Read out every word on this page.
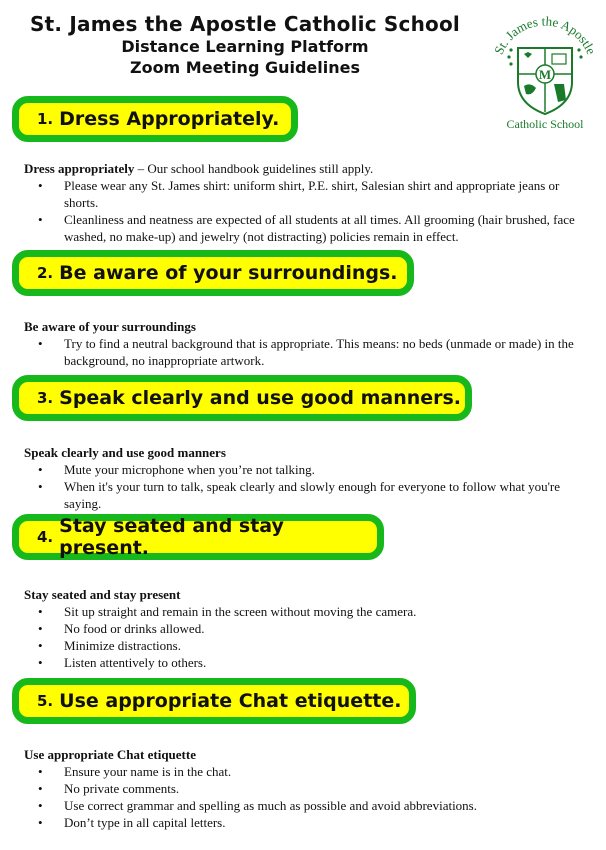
St. James the Apostle Catholic School
Distance Learning Platform
Zoom Meeting Guidelines
St. James the Apostle
M
Catholic School
1. Dress Appropriately.

Dress appropriately – Our school handbook guidelines still apply.

• Please wear any St. James shirt: uniform shirt, P.E. shirt, Salesian shirt and appropriate jeans or shorts.
• Cleanliness and neatness are expected of all students at all times. All grooming (hair brushed, face washed, no make-up) and jewelry (not distracting) policies remain in effect.
2. Be aware of your surroundings.

Be aware of your surroundings

• Try to find a neutral background that is appropriate. This means: no beds (unmade or made) in the background, no inappropriate artwork.
3. Speak clearly and use good manners.

Speak clearly and use good manners

• Mute your microphone when you’re not talking.
• When it's your turn to talk, speak clearly and slowly enough for everyone to follow what you're saying.
4. Stay seated and stay present.

Stay seated and stay present

• Sit up straight and remain in the screen without moving the camera.
• No food or drinks allowed.
• Minimize distractions.
• Listen attentively to others.
5. Use appropriate Chat etiquette.

Use appropriate Chat etiquette

• Ensure your name is in the chat.
• No private comments.
• Use correct grammar and spelling as much as possible and avoid abbreviations.
• Don’t type in all capital letters.
